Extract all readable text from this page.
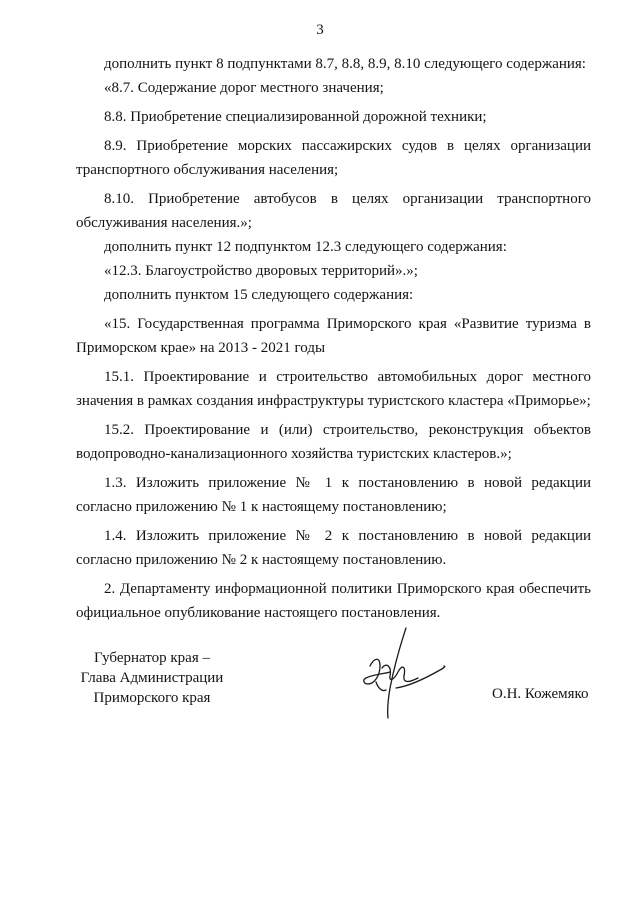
3

дополнить пункт 8 подпунктами 8.7, 8.8, 8.9, 8.10 следующего содержания:

«8.7. Содержание дорог местного значения;

8.8. Приобретение специализированной дорожной техники;

8.9. Приобретение морских пассажирских судов в целях организации транспортного обслуживания населения;

8.10. Приобретение автобусов в целях организации транспортного обслуживания населения.»;

дополнить пункт 12 подпунктом 12.3 следующего содержания:

«12.3. Благоустройство дворовых территорий».»;

дополнить пунктом 15 следующего содержания:

«15. Государственная программа Приморского края «Развитие туризма в Приморском крае» на 2013 - 2021 годы

15.1. Проектирование и строительство автомобильных дорог местного значения в рамках создания инфраструктуры туристского кластера «Приморье»;

15.2. Проектирование и (или) строительство, реконструкция объектов водопроводно-канализационного хозяйства туристских кластеров.»;

1.3. Изложить приложение № 1 к постановлению в новой редакции согласно приложению № 1 к настоящему постановлению;

1.4. Изложить приложение № 2 к постановлению в новой редакции согласно приложению № 2 к настоящему постановлению.

2. Департаменту информационной политики Приморского края обеспечить официальное опубликование настоящего постановления.

Губернатор края –
Глава Администрации
Приморского края	О.Н. Кожемяко
